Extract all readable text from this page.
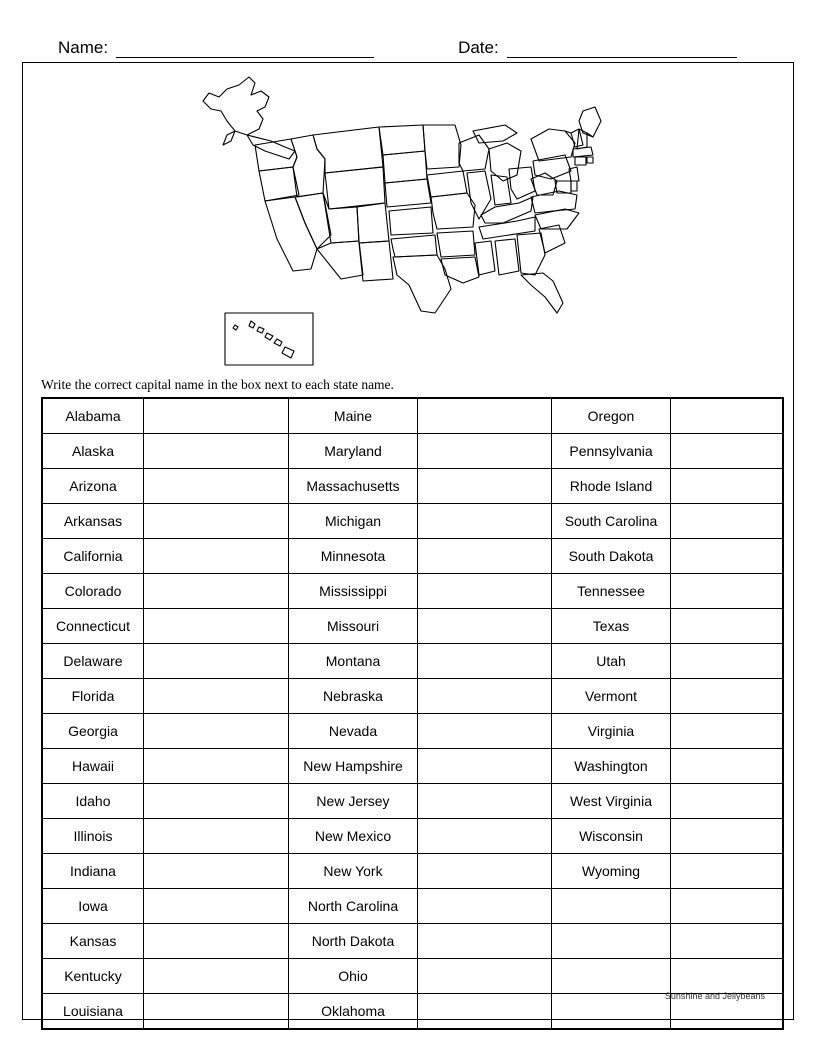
Name:	Date:
Write the correct capital name in the box next to each state name.
Alabama		Maine		Oregon	
Alaska		Maryland		Pennsylvania	
Arizona		Massachusetts		Rhode Island	
Arkansas		Michigan		South Carolina	
California		Minnesota		South Dakota	
Colorado		Mississippi		Tennessee	
Connecticut		Missouri		Texas	
Delaware		Montana		Utah	
Florida		Nebraska		Vermont	
Georgia		Nevada		Virginia	
Hawaii		New Hampshire		Washington	
Idaho		New Jersey		West Virginia	
Illinois		New Mexico		Wisconsin	
Indiana		New York		Wyoming	
Iowa		North Carolina			
Kansas		North Dakota			
Kentucky		Ohio			
Louisiana		Oklahoma			
Sunshine and Jellybeans
